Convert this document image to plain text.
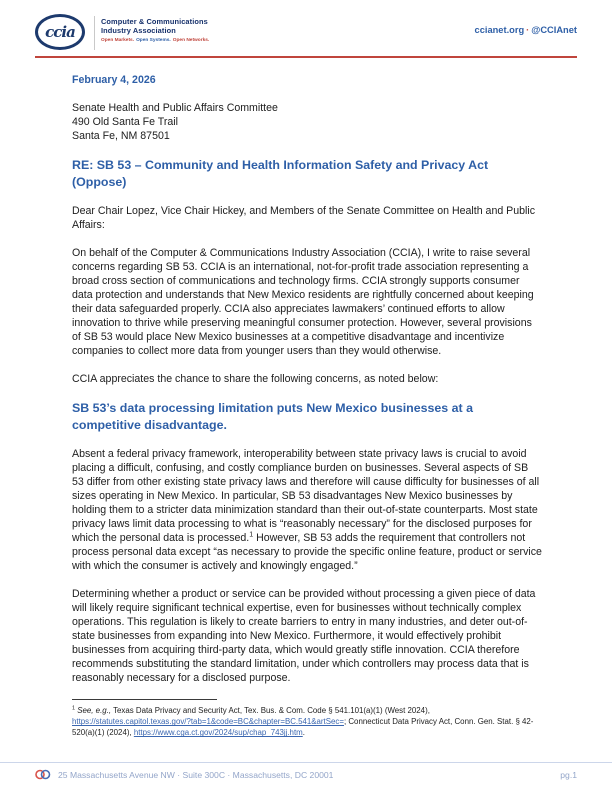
ccia
Computer & Communications
Industry Association
Open Markets. Open Systems. Open Networks.
ccianet.org · @CCIAnet

February 4, 2026

Senate Health and Public Affairs Committee
490 Old Santa Fe Trail
Santa Fe, NM 87501
RE: SB 53 – Community and Health Information Safety and Privacy Act (Oppose)

Dear Chair Lopez, Vice Chair Hickey, and Members of the Senate Committee on Health and Public Affairs:

On behalf of the Computer & Communications Industry Association (CCIA), I write to raise several concerns regarding SB 53. CCIA is an international, not-for-profit trade association representing a broad cross section of communications and technology firms. CCIA strongly supports consumer data protection and understands that New Mexico residents are rightfully concerned about keeping their data safeguarded properly. CCIA also appreciates lawmakers’ continued efforts to allow innovation to thrive while preserving meaningful consumer protection. However, several provisions of SB 53 would place New Mexico businesses at a competitive disadvantage and incentivize companies to collect more data from younger users than they would otherwise.

CCIA appreciates the chance to share the following concerns, as noted below:

SB 53’s data processing limitation puts New Mexico businesses at a competitive disadvantage.

Absent a federal privacy framework, interoperability between state privacy laws is crucial to avoid placing a difficult, confusing, and costly compliance burden on businesses. Several aspects of SB 53 differ from other existing state privacy laws and therefore will cause difficulty for businesses of all sizes operating in New Mexico. In particular, SB 53 disadvantages New Mexico businesses by holding them to a stricter data minimization standard than their out-of-state counterparts. Most state privacy laws limit data processing to what is “reasonably necessary” for the disclosed purposes for which the personal data is processed.$^1$ However, SB 53 adds the requirement that controllers not process personal data except “as necessary to provide the specific online feature, product or service with which the consumer is actively and knowingly engaged.”

Determining whether a product or service can be provided without processing a given piece of data will likely require significant technical expertise, even for businesses without technically complex operations. This regulation is likely to create barriers to entry in many industries, and deter out-of-state businesses from expanding into New Mexico. Furthermore, it would effectively prohibit businesses from acquiring third-party data, which would greatly stifle innovation. CCIA therefore recommends substituting the standard limitation, under which controllers may process data that is reasonably necessary for a disclosed purpose.

$^1$ See, e.g., Texas Data Privacy and Security Act, Tex. Bus. & Com. Code § 541.101(a)(1) (West 2024), https://statutes.capitol.texas.gov/?tab=1&code=BC&chapter=BC.541&artSec=; Connecticut Data Privacy Act, Conn. Gen. Stat. § 42-520(a)(1) (2024), https://www.cga.ct.gov/2024/sup/chap_743jj.htm.

25 Massachusetts Avenue NW · Suite 300C · Massachusetts, DC 20001	pg.1
